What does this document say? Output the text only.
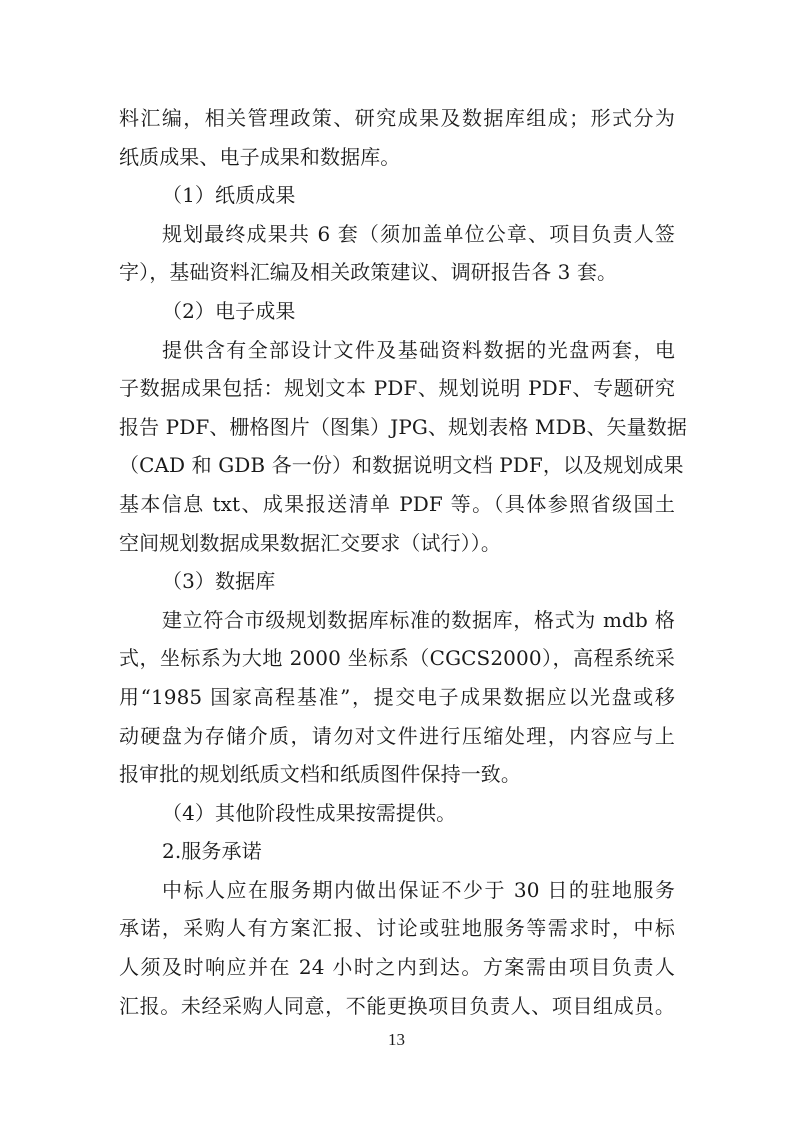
料汇编，相关管理政策、研究成果及数据库组成；形式分为
纸质成果、电子成果和数据库。
（1）纸质成果
规划最终成果共 6 套（须加盖单位公章、项目负责人签
字），基础资料汇编及相关政策建议、调研报告各 3 套。
（2）电子成果
提供含有全部设计文件及基础资料数据的光盘两套，电
子数据成果包括：规划文本 PDF、规划说明 PDF、专题研究
报告 PDF、栅格图片（图集）JPG、规划表格 MDB、矢量数据
（CAD 和 GDB 各一份）和数据说明文档 PDF，以及规划成果
基本信息 txt、成果报送清单 PDF 等。（具体参照省级国土
空间规划数据成果数据汇交要求（试行））。
（3）数据库
建立符合市级规划数据库标准的数据库，格式为 mdb 格
式，坐标系为大地 2000 坐标系（CGCS2000），高程系统采
用“1985 国家高程基准”，提交电子成果数据应以光盘或移
动硬盘为存储介质，请勿对文件进行压缩处理，内容应与上
报审批的规划纸质文档和纸质图件保持一致。
（4）其他阶段性成果按需提供。
2.服务承诺
中标人应在服务期内做出保证不少于 30 日的驻地服务
承诺，采购人有方案汇报、讨论或驻地服务等需求时，中标
人须及时响应并在 24 小时之内到达。方案需由项目负责人
汇报。未经采购人同意，不能更换项目负责人、项目组成员。
13
